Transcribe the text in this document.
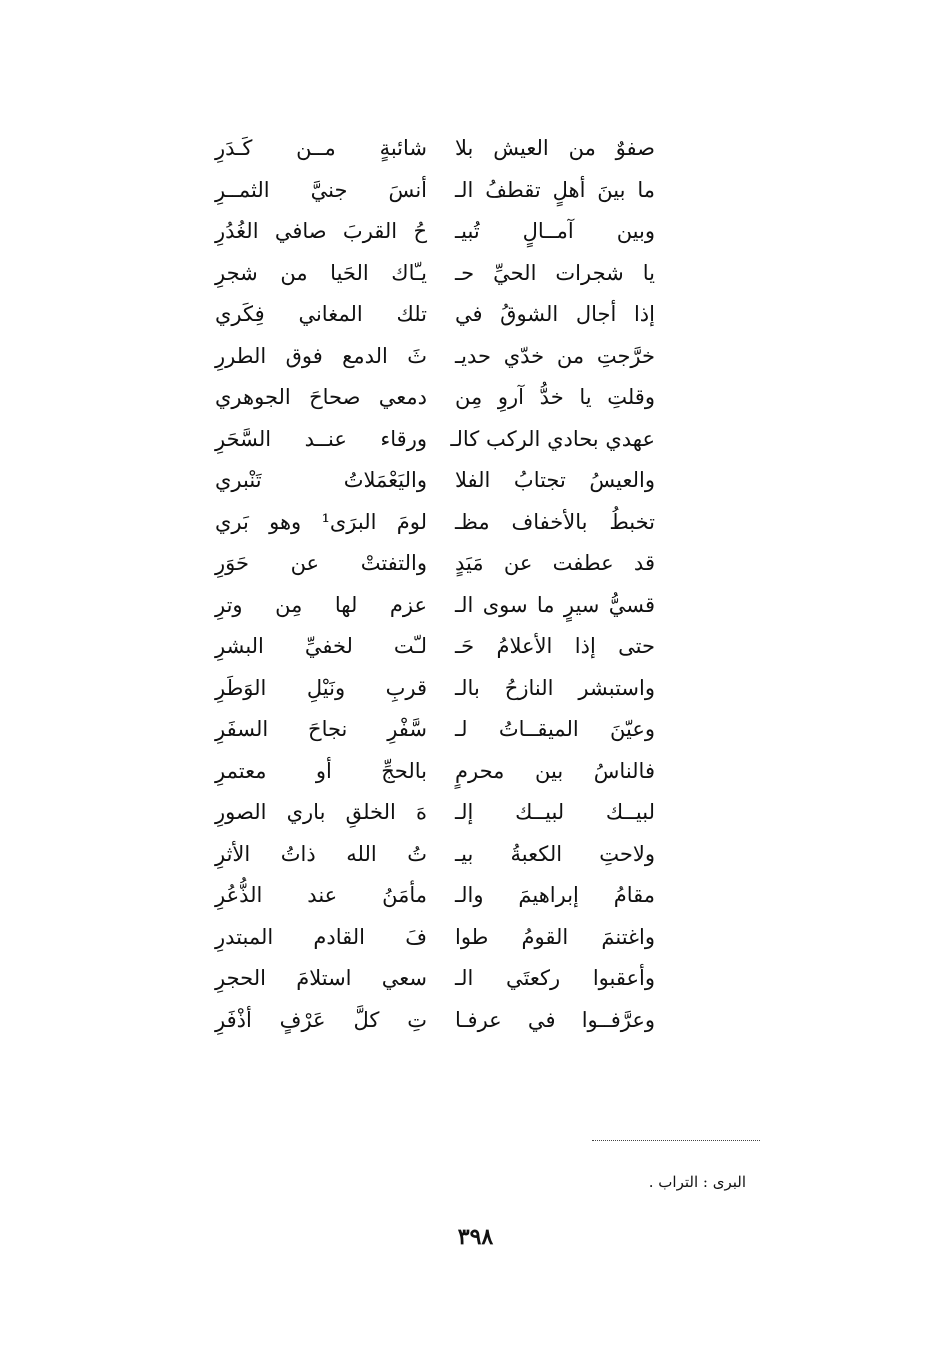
صفوٌ من العيش بلا
شائبةٍ مــن كَـدَرِ
ما بينَ أهلٍ تقطفُ الـ
أنسَ جنيَّ الثمــرِ
وبين آمــالٍ تُبيـ
حُ القربَ صافي الغُدُرِ
يا شجرات الحيِّ حـ
يـّاك الحَيا من شجرِ
إذا أجال الشوقُ في
تلك المغاني فِكَري
خرَّجتِ من خدّي حديـ
ثَ الدمع فوق الطررِ
وقلتِ يا خدُّ آروِ مِن
دمعي صحاحَ الجوهري
عهدي بحادي الركب كالـ
ورقاء عنــد السَّحَرِ
والعيسُ تجتابُ الفلا
واليَعْمَلاتُ تَنْبري
تخبطُ بالأخفاف مظـ
لومَ البرَى¹ وهو بَري
قد عطفت عن مَيَدٍ
والتفتتْ عن حَوَرِ
قسيُّ سيرٍ ما سوى الـ
عزم لها مِن وترِ
حتى إذا الأعلامُ حَـ
لـّت لخفيِّ البشرِ
واستبشر النازحُ بالـ
قربِ ونَيْلِ الوَطَرِ
وعيّنَ الميقــاتُ لـ
سَّفْرِ نجاحَ السفَرِ
فالناسُ بين محرمٍ
بالحجِّ أو معتمرِ
لبيــك لبيــك إلـ
هَ الخلقِ باري الصورِ
ولاحتِ الكعبةُ بيـ
تُ الله ذاتُ الأثرِ
مقامُ إبراهيمَ والـ
مأمَنُ عند الذُّعُرِ
واغتنمَ القومُ طوا
فَ القادم المبتدرِ
وأعقبوا ركعتَي الـ
سعي استلامَ الحجرِ
وعرَّفــوا في عرفـا
تِ كلَّ عَرْفٍ أذْفَرِ
البرى : التراب .
٣٩٨
